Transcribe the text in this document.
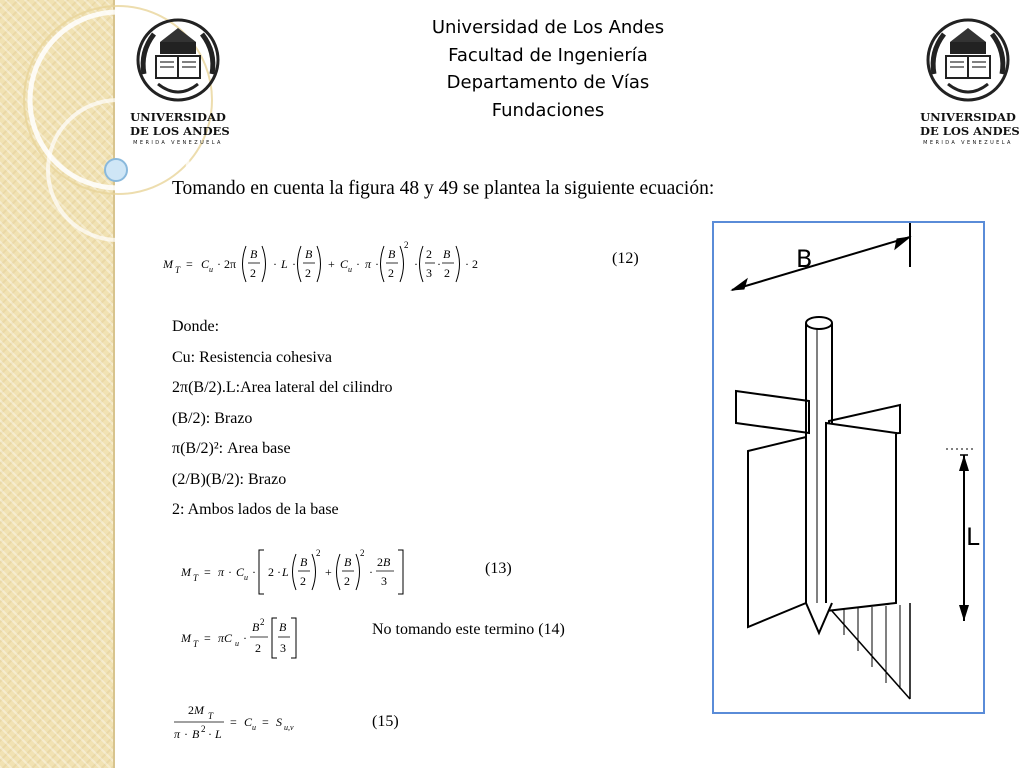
UNIVERSIDAD
DE LOS ANDES
MERIDA VENEZUELA
UNIVERSIDAD
DE LOS ANDES
MERIDA VENEZUELA
Universidad de Los Andes
Facultad de Ingeniería
Departamento de Vías
Fundaciones
Tomando en cuenta la figura 48 y 49 se plantea la siguiente ecuación:
M T = C u · 2π
B
2
· L ·
B
2
+ C u · π ·
B
2
2
·
2
3
·
B
2
· 2	(12)
Donde:
Cu: Resistencia cohesiva
2π(B/2).L:Area lateral del cilindro
(B/2): Brazo
π(B/2)²: Area base
(2/B)(B/2): Brazo
2: Ambos lados de la base
M T = π · C u · 2 · L
B
2
2
+
B
2
2
·
2B
3
(13)
M T = πC u ·
B 2
2
B
3
No tomando este termino (14)
2M T
π · B 2 · L
= C u = S u,v	(15)
B
L
